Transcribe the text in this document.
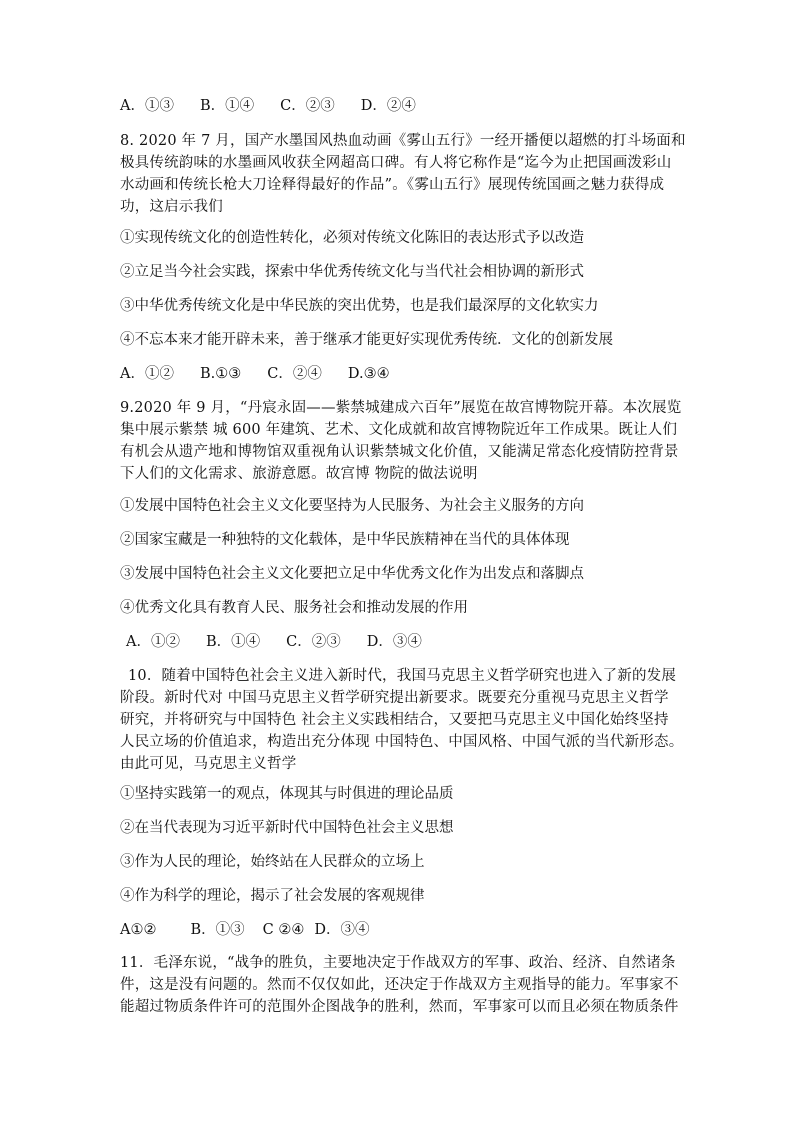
A．①③ B．①④ C．②③ D．②④
8. 2020 年 7 月，国产水墨国风热血动画《雾山五行》一经开播便以超燃的打斗场面和
极具传统韵味的水墨画风收获全网超高口碑。有人将它称作是“迄今为止把国画泼彩山
水动画和传统长枪大刀诠释得最好的作品”。《雾山五行》展现传统国画之魅力获得成
功，这启示我们
①实现传统文化的创造性转化，必须对传统文化陈旧的表达形式予以改造
②立足当今社会实践，探索中华优秀传统文化与当代社会相协调的新形式
③中华优秀传统文化是中华民族的突出优势，也是我们最深厚的文化软实力
④不忘本来才能开辟未来，善于继承才能更好实现优秀传统．文化的创新发展
A．①② B.①③ C．②④ D.③④
9.2020 年 9 月，“丹宸永固——紫禁城建成六百年”展览在故宫博物院开幕。本次展览
集中展示紫禁 城 600 年建筑、艺术、文化成就和故宫博物院近年工作成果。既让人们
有机会从遗产地和博物馆双重视角认识紫禁城文化价值，又能满足常态化疫情防控背景
下人们的文化需求、旅游意愿。故宫博 物院的做法说明
①发展中国特色社会主义文化要坚持为人民服务、为社会主义服务的方向
②国家宝藏是一种独特的文化载体，是中华民族精神在当代的具体体现
③发展中国特色社会主义文化要把立足中华优秀文化作为出发点和落脚点
④优秀文化具有教育人民、服务社会和推动发展的作用
A．①② B．①④ C．②③ D．③④
10．随着中国特色社会主义进入新时代，我国马克思主义哲学研究也进入了新的发展
阶段。新时代对 中国马克思主义哲学研究提出新要求。既要充分重视马克思主义哲学
研究，并将研究与中国特色 社会主义实践相结合，又要把马克思主义中国化始终坚持
人民立场的价值追求，构造出充分体现 中国特色、中国风格、中国气派的当代新形态。
由此可见，马克思主义哲学
①坚持实践第一的观点，体现其与时俱进的理论品质
②在当代表现为习近平新时代中国特色社会主义思想
③作为人民的理论，始终站在人民群众的立场上
④作为科学的理论，揭示了社会发展的客观规律
A①② B．①③ C ②④ D．③④
11．毛泽东说，“战争的胜负，主要地决定于作战双方的军事、政治、经济、自然诸条
件，这是没有问题的。然而不仅仅如此，还决定于作战双方主观指导的能力。军事家不
能超过物质条件许可的范围外企图战争的胜利，然而，军事家可以而且必须在物质条件
